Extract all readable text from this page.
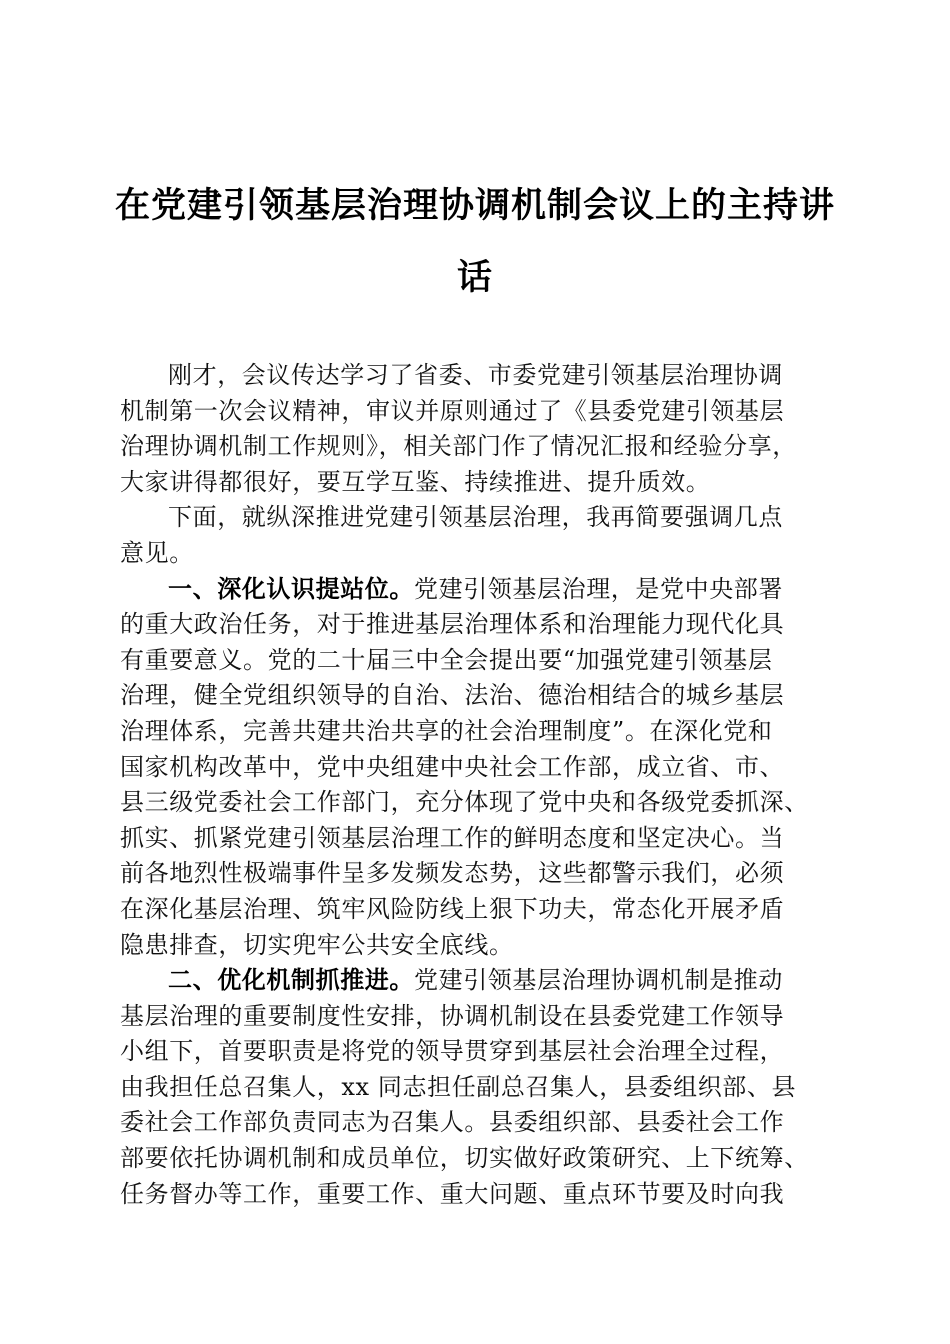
在党建引领基层治理协调机制会议上的主持讲
话

刚才，会议传达学习了省委、市委党建引领基层治理协调
机制第一次会议精神，审议并原则通过了《县委党建引领基层
治理协调机制工作规则》，相关部门作了情况汇报和经验分享，
大家讲得都很好，要互学互鉴、持续推进、提升质效。

下面，就纵深推进党建引领基层治理，我再简要强调几点
意见。

一、深化认识提站位。党建引领基层治理，是党中央部署
的重大政治任务，对于推进基层治理体系和治理能力现代化具
有重要意义。党的二十届三中全会提出要“加强党建引领基层
治理，健全党组织领导的自治、法治、德治相结合的城乡基层
治理体系，完善共建共治共享的社会治理制度”。在深化党和
国家机构改革中，党中央组建中央社会工作部，成立省、市、
县三级党委社会工作部门，充分体现了党中央和各级党委抓深、
抓实、抓紧党建引领基层治理工作的鲜明态度和坚定决心。当
前各地烈性极端事件呈多发频发态势，这些都警示我们，必须
在深化基层治理、筑牢风险防线上狠下功夫，常态化开展矛盾
隐患排查，切实兜牢公共安全底线。

二、优化机制抓推进。党建引领基层治理协调机制是推动
基层治理的重要制度性安排，协调机制设在县委党建工作领导
小组下，首要职责是将党的领导贯穿到基层社会治理全过程，
由我担任总召集人，xx 同志担任副总召集人，县委组织部、县
委社会工作部负责同志为召集人。县委组织部、县委社会工作
部要依托协调机制和成员单位，切实做好政策研究、上下统筹、
任务督办等工作，重要工作、重大问题、重点环节要及时向我
